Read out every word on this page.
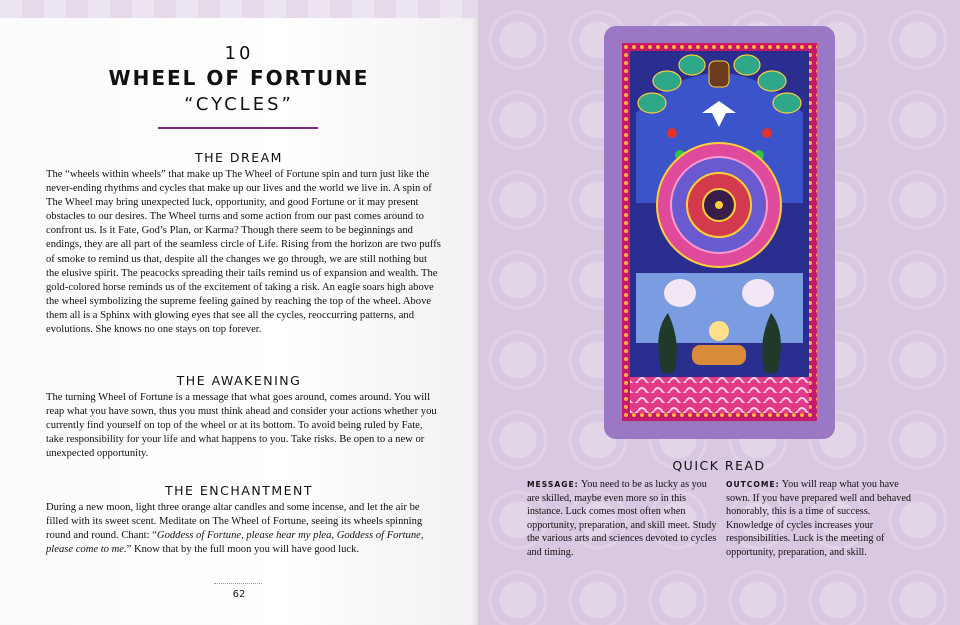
10
WHEEL OF FORTUNE
“CYCLES”
THE DREAM

The “wheels within wheels” that make up The Wheel of Fortune spin and turn just like the never-ending rhythms and cycles that make up our lives and the world we live in. A spin of The Wheel may bring unexpected luck, opportunity, and good Fortune or it may present obstacles to our desires. The Wheel turns and some action from our past comes around to confront us. Is it Fate, God’s Plan, or Karma? Though there seem to be beginnings and endings, they are all part of the seamless circle of Life. Rising from the horizon are two puffs of smoke to remind us that, despite all the changes we go through, we are still nothing but the elusive spirit. The peacocks spreading their tails remind us of expansion and wealth. The gold-colored horse reminds us of the excitement of taking a risk. An eagle soars high above the wheel symbolizing the supreme feeling gained by reaching the top of the wheel. Above them all is a Sphinx with glowing eyes that see all the cycles, reoccurring patterns, and evolutions. She knows no one stays on top forever.

THE AWAKENING

The turning Wheel of Fortune is a message that what goes around, comes around. You will reap what you have sown, thus you must think ahead and consider your actions whether you currently find yourself on top of the wheel or at its bottom. To avoid being ruled by Fate, take responsibility for your life and what happens to you. Take risks. Be open to a new or unexpected opportunity.

THE ENCHANTMENT

During a new moon, light three orange altar candles and some incense, and let the air be filled with its sweet scent. Meditate on The Wheel of Fortune, seeing its wheels spinning round and round. Chant: “Goddess of Fortune, please hear my plea, Goddess of Fortune, please come to me.” Know that by the full moon you will have good luck.

62
QUICK READ

MESSAGE: You need to be as lucky as you are skilled, maybe even more so in this instance. Luck comes most often when opportunity, preparation, and skill meet. Study the various arts and sciences devoted to cycles and timing.

OUTCOME: You will reap what you have sown. If you have prepared well and behaved honorably, this is a time of success. Knowledge of cycles increases your responsibilities. Luck is the meeting of opportunity, preparation, and skill.
